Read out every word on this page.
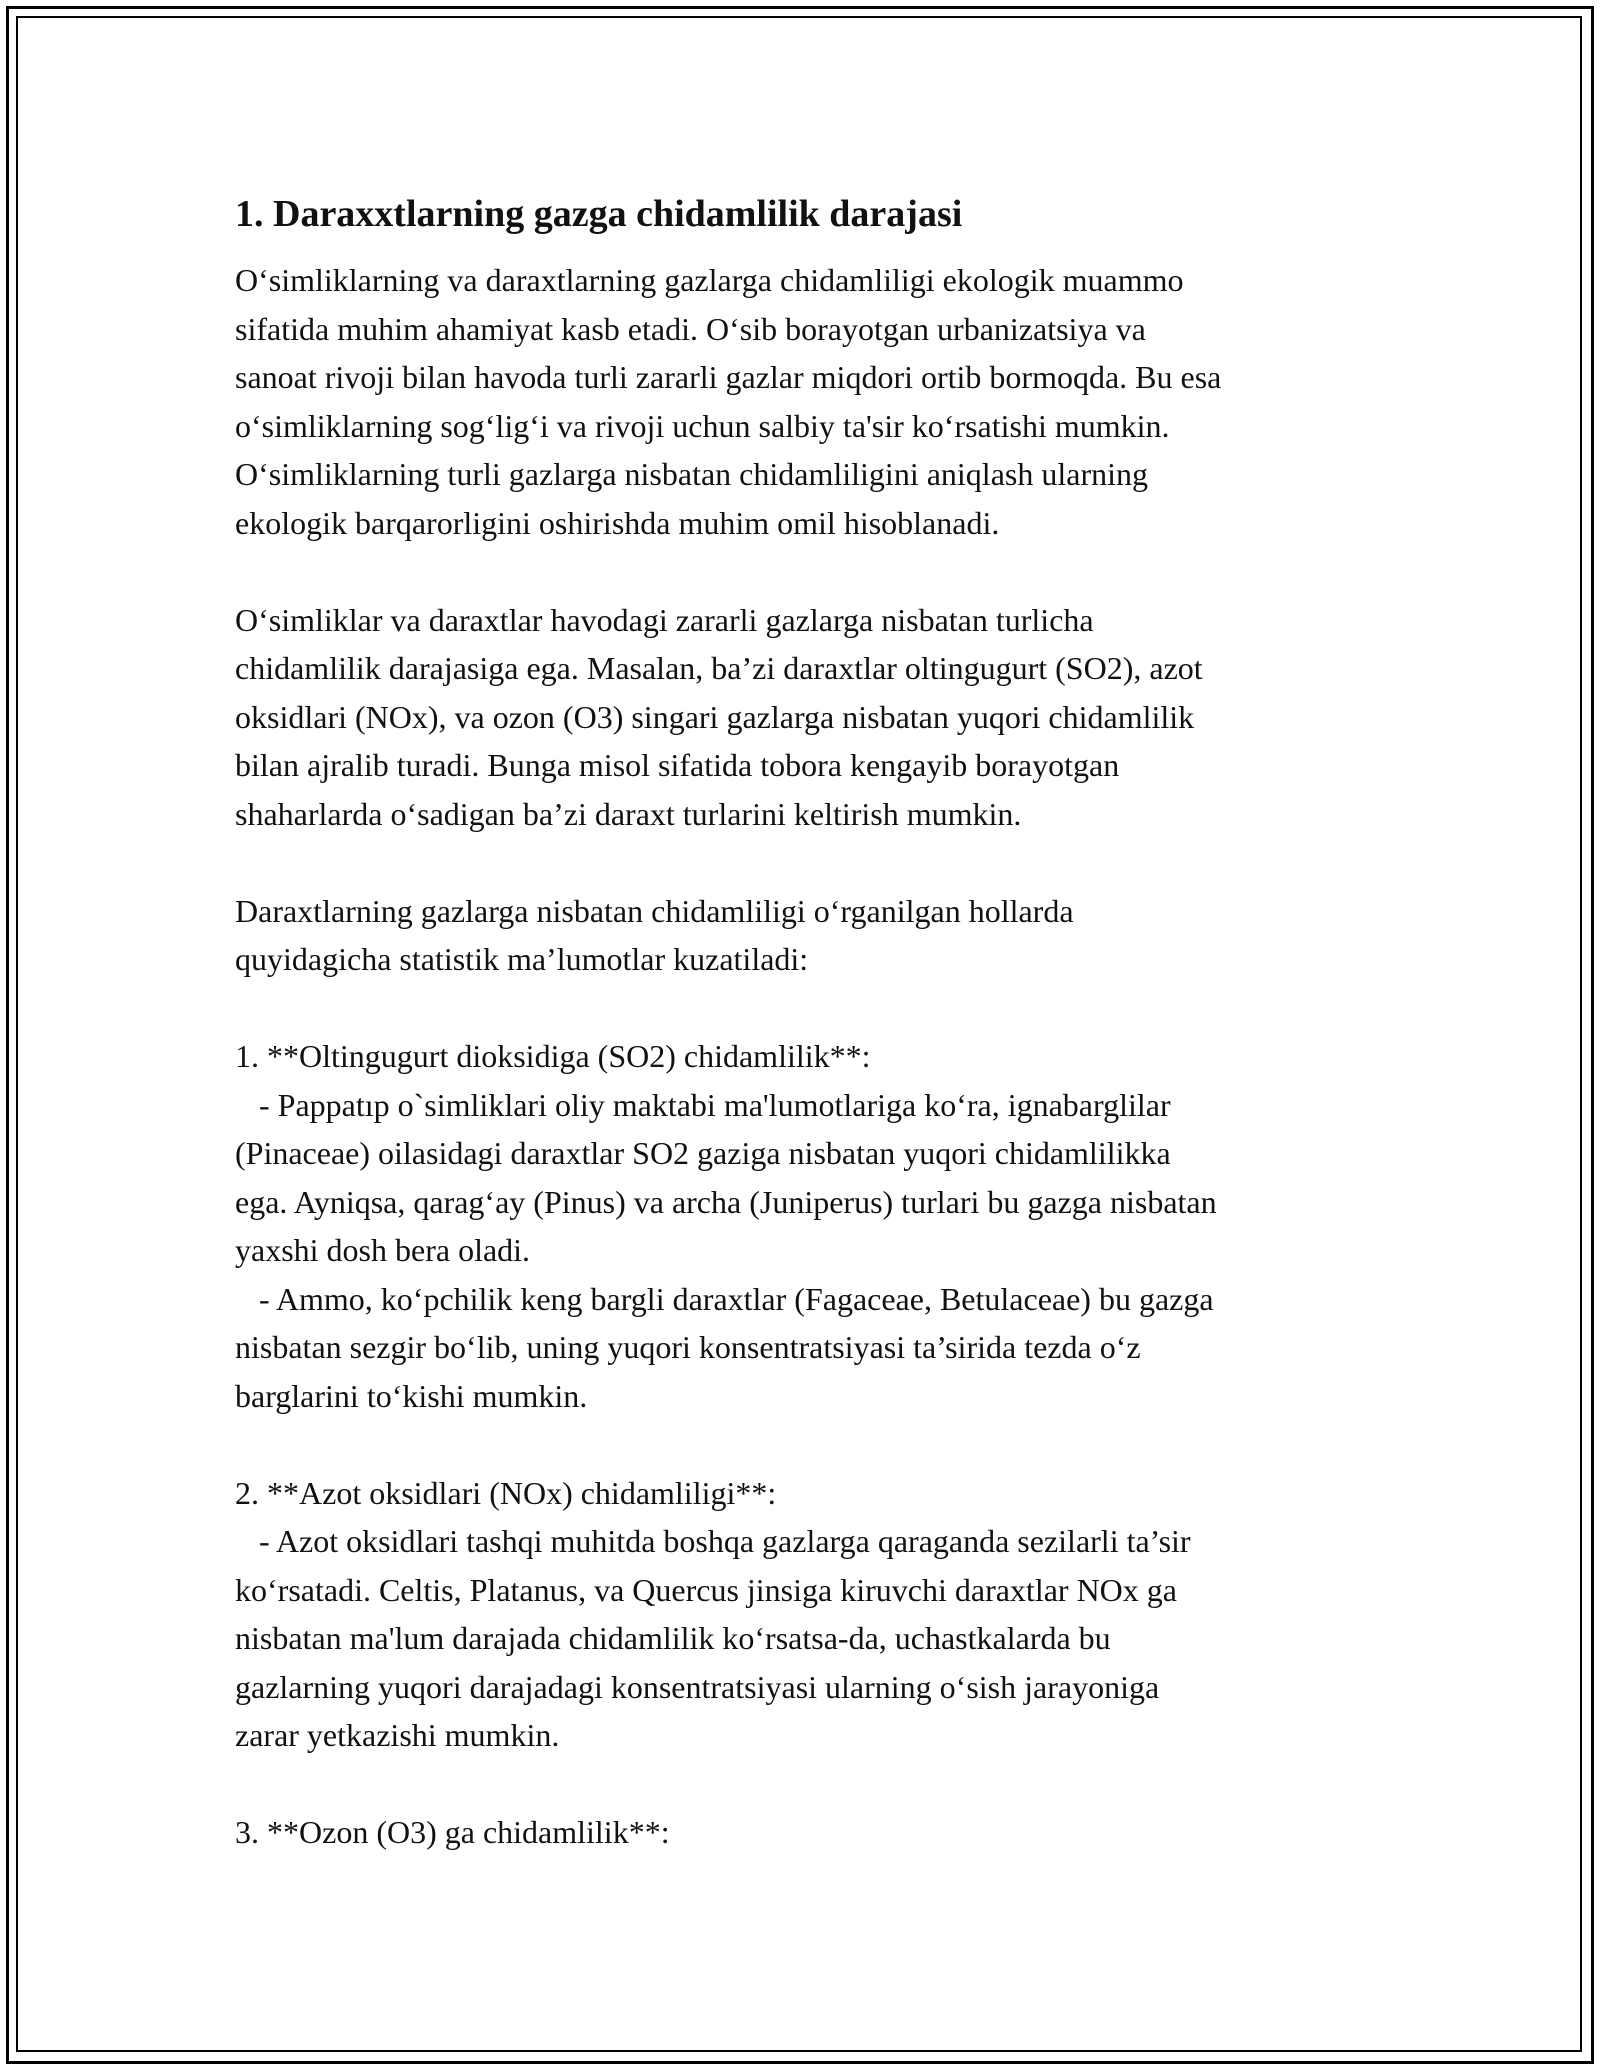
1. Daraxxtlarning gazga chidamlilik darajasi

O‘simliklarning va daraxtlarning gazlarga chidamliligi ekologik muammo
sifatida muhim ahamiyat kasb etadi. O‘sib borayotgan urbanizatsiya va
sanoat rivoji bilan havoda turli zararli gazlar miqdori ortib bormoqda. Bu esa
o‘simliklarning sog‘lig‘i va rivoji uchun salbiy ta'sir ko‘rsatishi mumkin.
O‘simliklarning turli gazlarga nisbatan chidamliligini aniqlash ularning
ekologik barqarorligini oshirishda muhim omil hisoblanadi.

O‘simliklar va daraxtlar havodagi zararli gazlarga nisbatan turlicha
chidamlilik darajasiga ega. Masalan, ba’zi daraxtlar oltingugurt (SO2), azot
oksidlari (NOx), va ozon (O3) singari gazlarga nisbatan yuqori chidamlilik
bilan ajralib turadi. Bunga misol sifatida tobora kengayib borayotgan
shaharlarda o‘sadigan ba’zi daraxt turlarini keltirish mumkin.

Daraxtlarning gazlarga nisbatan chidamliligi o‘rganilgan hollarda
quyidagicha statistik ma’lumotlar kuzatiladi:

1. **Oltingugurt dioksidiga (SO2) chidamlilik**:
- Pappatıp o`simliklari oliy maktabi ma'lumotlariga ko‘ra, ignabarglilar
(Pinaceae) oilasidagi daraxtlar SO2 gaziga nisbatan yuqori chidamlilikka
ega. Ayniqsa, qarag‘ay (Pinus) va archa (Juniperus) turlari bu gazga nisbatan
yaxshi dosh bera oladi.
- Ammo, ko‘pchilik keng bargli daraxtlar (Fagaceae, Betulaceae) bu gazga
nisbatan sezgir bo‘lib, uning yuqori konsentratsiyasi ta’sirida tezda o‘z
barglarini to‘kishi mumkin.

2. **Azot oksidlari (NOx) chidamliligi**:
- Azot oksidlari tashqi muhitda boshqa gazlarga qaraganda sezilarli ta’sir
ko‘rsatadi. Celtis, Platanus, va Quercus jinsiga kiruvchi daraxtlar NOx ga
nisbatan ma'lum darajada chidamlilik ko‘rsatsa-da, uchastkalarda bu
gazlarning yuqori darajadagi konsentratsiyasi ularning o‘sish jarayoniga
zarar yetkazishi mumkin.

3. **Ozon (O3) ga chidamlilik**:
